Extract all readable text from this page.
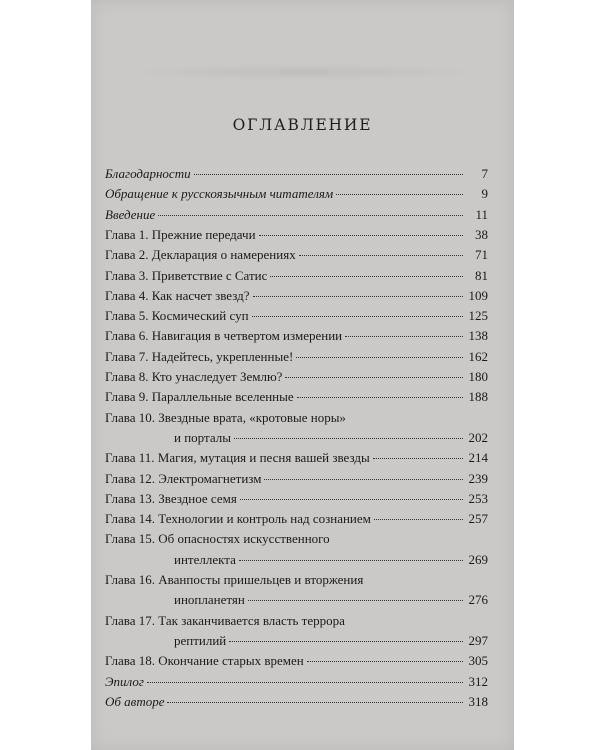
ОГЛАВЛЕНИЕ
Благодарности	7
Обращение к русскоязычным читателям	9
Введение	11
Глава 1. Прежние передачи	38
Глава 2. Декларация о намерениях	71
Глава 3. Приветствие с Сатис	81
Глава 4. Как насчет звезд?	109
Глава 5. Космический суп	125
Глава 6. Навигация в четвертом измерении	138
Глава 7. Надейтесь, укрепленные!	162
Глава 8. Кто унаследует Землю?	180
Глава 9. Параллельные вселенные	188
Глава 10. Звездные врата, «кротовые норы»
и порталы	202
Глава 11. Магия, мутация и песня вашей звезды	214
Глава 12. Электромагнетизм	239
Глава 13. Звездное семя	253
Глава 14. Технологии и контроль над сознанием	257
Глава 15. Об опасностях искусственного
интеллекта	269
Глава 16. Аванпосты пришельцев и вторжения
инопланетян	276
Глава 17. Так заканчивается власть террора
рептилий	297
Глава 18. Окончание старых времен	305
Эпилог	312
Об авторе	318
